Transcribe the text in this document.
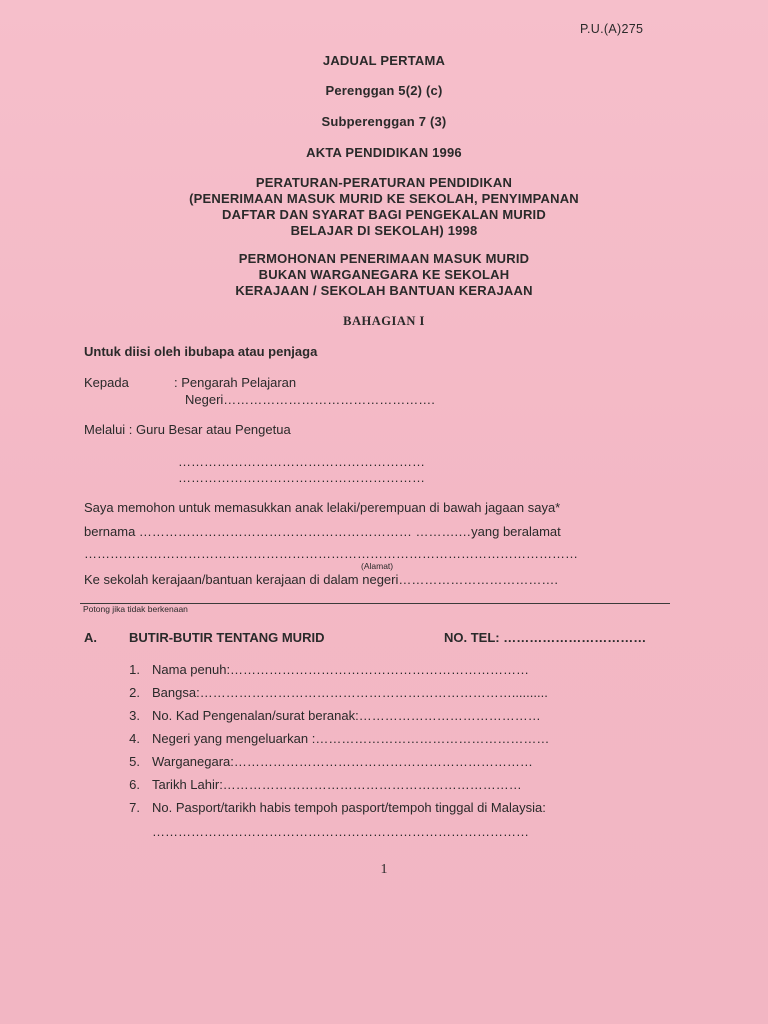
P.U.(A)275
JADUAL PERTAMA
Perenggan 5(2) (c)
Subperenggan 7 (3)
AKTA PENDIDIKAN 1996
PERATURAN-PERATURAN PENDIDIKAN
(PENERIMAAN MASUK MURID KE SEKOLAH, PENYIMPANAN
DAFTAR DAN SYARAT BAGI PENGEKALAN MURID
BELAJAR DI SEKOLAH) 1998
PERMOHONAN PENERIMAAN MASUK MURID
BUKAN WARGANEGARA KE SEKOLAH
KERAJAAN / SEKOLAH BANTUAN KERAJAAN
BAHAGIAN I
Untuk diisi oleh ibubapa atau penjaga
Kepada	: Pengarah Pelajaran
Negeri………………………………………….
Melalui : Guru Besar atau Pengetua
…………………………………………………
…………………………………………………
Saya memohon untuk memasukkan anak lelaki/perempuan di bawah jagaan saya*
bernama ……………………………………………………… ……….…yang beralamat
……………………………………………………………………………………………………
(Alamat)
Ke sekolah kerajaan/bantuan kerajaan di dalam negeri……………………………….
Potong jika tidak berkenaan
A. BUTIR-BUTIR TENTANG MURID	NO. TEL: ……………………………
1. Nama penuh:……………………………………………………………
2. Bangsa:………………………………………………………………..........
3. No. Kad Pengenalan/surat beranak:……………………………………
4. Negeri yang mengeluarkan :………………………………………………
5. Warganegara:……………………………………………………………
6. Tarikh Lahir:……………………………………………………………
7. No. Pasport/tarikh habis tempoh pasport/tempoh tinggal di Malaysia:
……………………………………………………………………………
1
